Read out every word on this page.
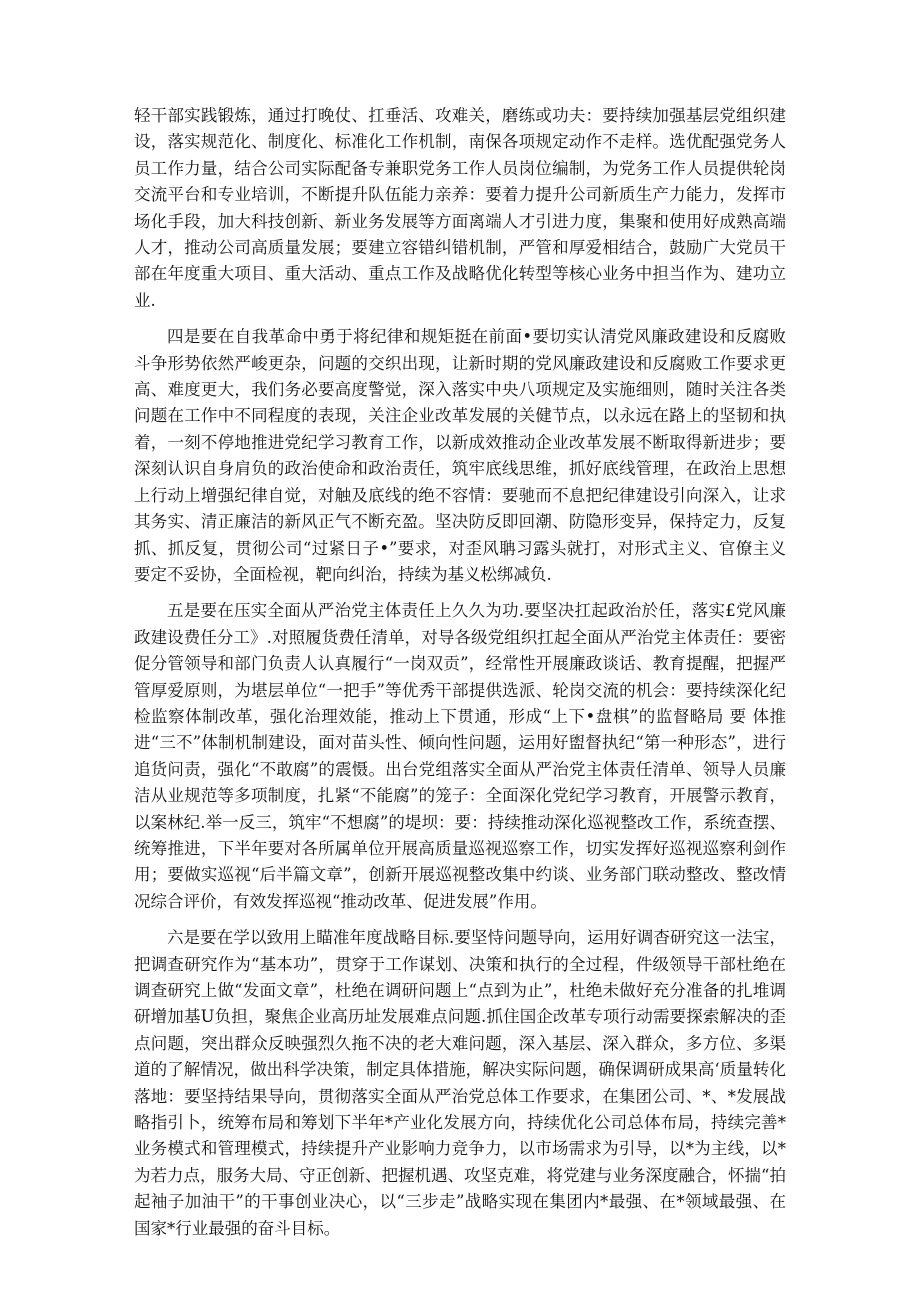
轻干部实践锻炼，通过打晚仗、扛垂活、攻难关，磨练或功夫：要持续加强基层党组织建设，落实规范化、制度化、标准化工作机制，南保各项规定动作不走样。选优配强党务人员工作力量，结合公司实际配备专兼职党务工作人员岗位编制，为党务工作人员提供轮岗交流平台和专业培训，不断提升队伍能力亲养：要着力提升公司新质生产力能力，发挥市场化手段，加大科技创新、新业务发展等方面离端人才引进力度，集聚和使用好成熟高端人才，推动公司高质量发展；要建立容错纠错机制，严管和厚爱相结合，鼓励广大党员干部在年度重大项目、重大活动、重点工作及战略优化转型等核心业务中担当作为、建功立业.

四是要在自我革命中勇于将纪律和规矩挺在前面•要切实认清党风廉政建设和反腐败斗争形势依然严峻更杂，问题的交织出现，让新时期的党风廉政建设和反腐败工作要求更高、难度更大，我们务必要高度警觉，深入落实中央八项规定及实施细则，随时关注各类问题在工作中不同程度的表现，关注企业改革发展的关健节点，以永远在路上的坚韧和执着，一刻不停地推进党纪学习教育工作，以新成效推动企业改革发展不断取得新进步；要深刻认识自身肩负的政治使命和政治责任，筑牢底线思维，抓好底线管理，在政治上思想上行动上增强纪律自觉，对触及底线的绝不容情：要驰而不息把纪律建设引向深入，让求其务实、清正廉洁的新风正气不断充盈。坚决防反即回潮、防隐形变异，保持定力，反复抓、抓反复，贯彻公司“过紧日子•”要求，对歪风聃习露头就打，对形式主义、官僚主义要定不妥协，全面检视，靶向纠治，持续为基义松绑减负.

五是要在压实全面从严治党主体责任上久久为功.要坚决扛起政治於任，落实£党风廉政建设费任分工》.对照履货费任清单，对导各级党组织扛起全面从严治党主体责任：要密促分管领导和部门负责人认真履行“一岗双贡”，经常性开展廉政谈话、教育提醒，把握严管厚爱原则，为堪层单位“一把手”等优秀干部提供选派、轮岗交流的机会：要持续深化纪检监察体制改革，强化治理效能，推动上下贯通，形成“上下•盘棋”的监督略局 要 体推进“三不”体制机制建设，面对苗头性、倾向性问题，运用好盥督执纪“第一种形态”，进行追货问责，强化“不敢腐”的震慑。出台党组落实全面从严治党主体责任清单、领导人员廉洁从业规范等多项制度，扎紧“不能腐”的笼子：全面深化党纪学习教育，开展警示教育，以案林纪.举一反三，筑牢“不想腐”的堤坝：要：持续推动深化巡视整改工作，系统查摆、统筹推进，下半年要对各所属单位开展高质量巡视巡察工作，切实发挥好巡视巡察利剑作用；要做实巡视“后半篇文章”，创新开展巡视整改集中约谈、业务部门联动整改、整改情况综合评价，有效发挥巡视“推动改革、促进发展”作用。

六是要在学以致用上瞄准年度战略目标.要坚恃问题导向，运用好调杳研究这一法宝，把调查研究作为“基本功”，贯穿于工作谋划、决策和执行的全过程，件级领导干部杜绝在调查研究上做“发面文章”，杜绝在调研问题上“点到为止”，杜绝未做好充分准备的扎堆调研增加基U负担，聚焦企业高历址发展难点问题.抓住国企改革专项行动需要探索解决的歪点问题，突出群众反映强烈久拖不决的老大难问题，深入基层、深入群众，多方位、多渠道的了解情况，做出科学决策，制定具体措施，解决实际问题，确保调研成果高‘质量转化落地：要坚持结果导向，贯彻落实全面从严治党总体工作要求，在集团公司、*、*发展战略指引卜，统筹布局和筹划下半年*产业化发展方向，持续优化公司总体布局，持续完善*业务模式和管理模式，持续提升产业影响力竞争力，以市场需求为引导，以*为主线，以*为若力点，服务大局、守正创新、把握机遇、攻坚克难，将党建与业务深度融合，怀揣“拍起袖子加油干”的干事创业决心，以“三步走”战略实现在集团内*最强、在*领域最强、在国家*行业最强的奋斗目标。
